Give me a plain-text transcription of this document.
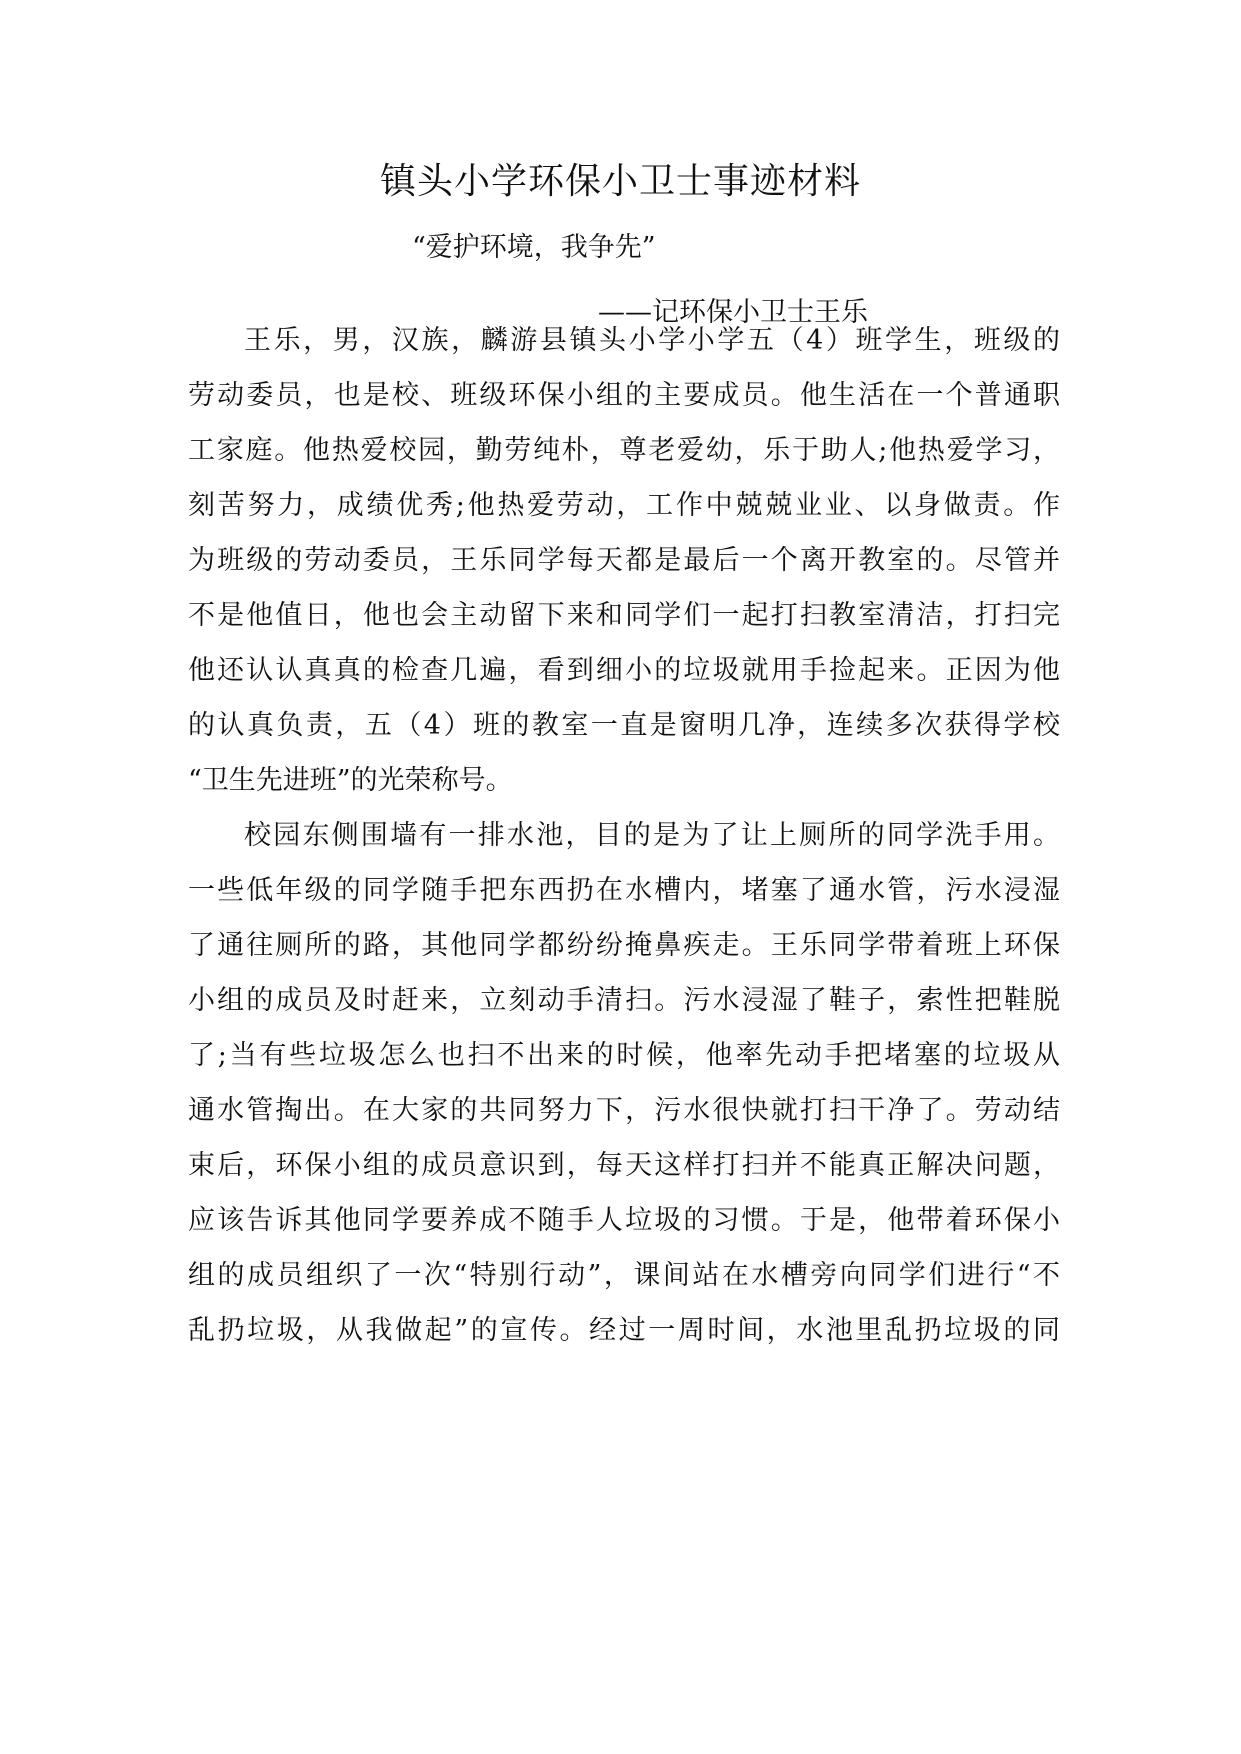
镇头小学环保小卫士事迹材料

“爱护环境，我争先”

——记环保小卫士王乐

王乐，男，汉族，麟游县镇头小学小学五（4）班学生，班级的

劳动委员，也是校、班级环保小组的主要成员。他生活在一个普通职

工家庭。他热爱校园，勤劳纯朴，尊老爱幼，乐于助人;他热爱学习，

刻苦努力，成绩优秀;他热爱劳动，工作中兢兢业业、以身做责。作

为班级的劳动委员，王乐同学每天都是最后一个离开教室的。尽管并

不是他值日，他也会主动留下来和同学们一起打扫教室清洁，打扫完

他还认认真真的检查几遍，看到细小的垃圾就用手捡起来。正因为他

的认真负责，五（4）班的教室一直是窗明几净，连续多次获得学校

“卫生先进班”的光荣称号。

校园东侧围墙有一排水池，目的是为了让上厕所的同学洗手用。

一些低年级的同学随手把东西扔在水槽内，堵塞了通水管，污水浸湿

了通往厕所的路，其他同学都纷纷掩鼻疾走。王乐同学带着班上环保

小组的成员及时赶来，立刻动手清扫。污水浸湿了鞋子，索性把鞋脱

了;当有些垃圾怎么也扫不出来的时候，他率先动手把堵塞的垃圾从

通水管掏出。在大家的共同努力下，污水很快就打扫干净了。劳动结

束后，环保小组的成员意识到，每天这样打扫并不能真正解决问题，

应该告诉其他同学要养成不随手人垃圾的习惯。于是，他带着环保小

组的成员组织了一次“特别行动”，课间站在水槽旁向同学们进行“不

乱扔垃圾，从我做起”的宣传。经过一周时间，水池里乱扔垃圾的同
